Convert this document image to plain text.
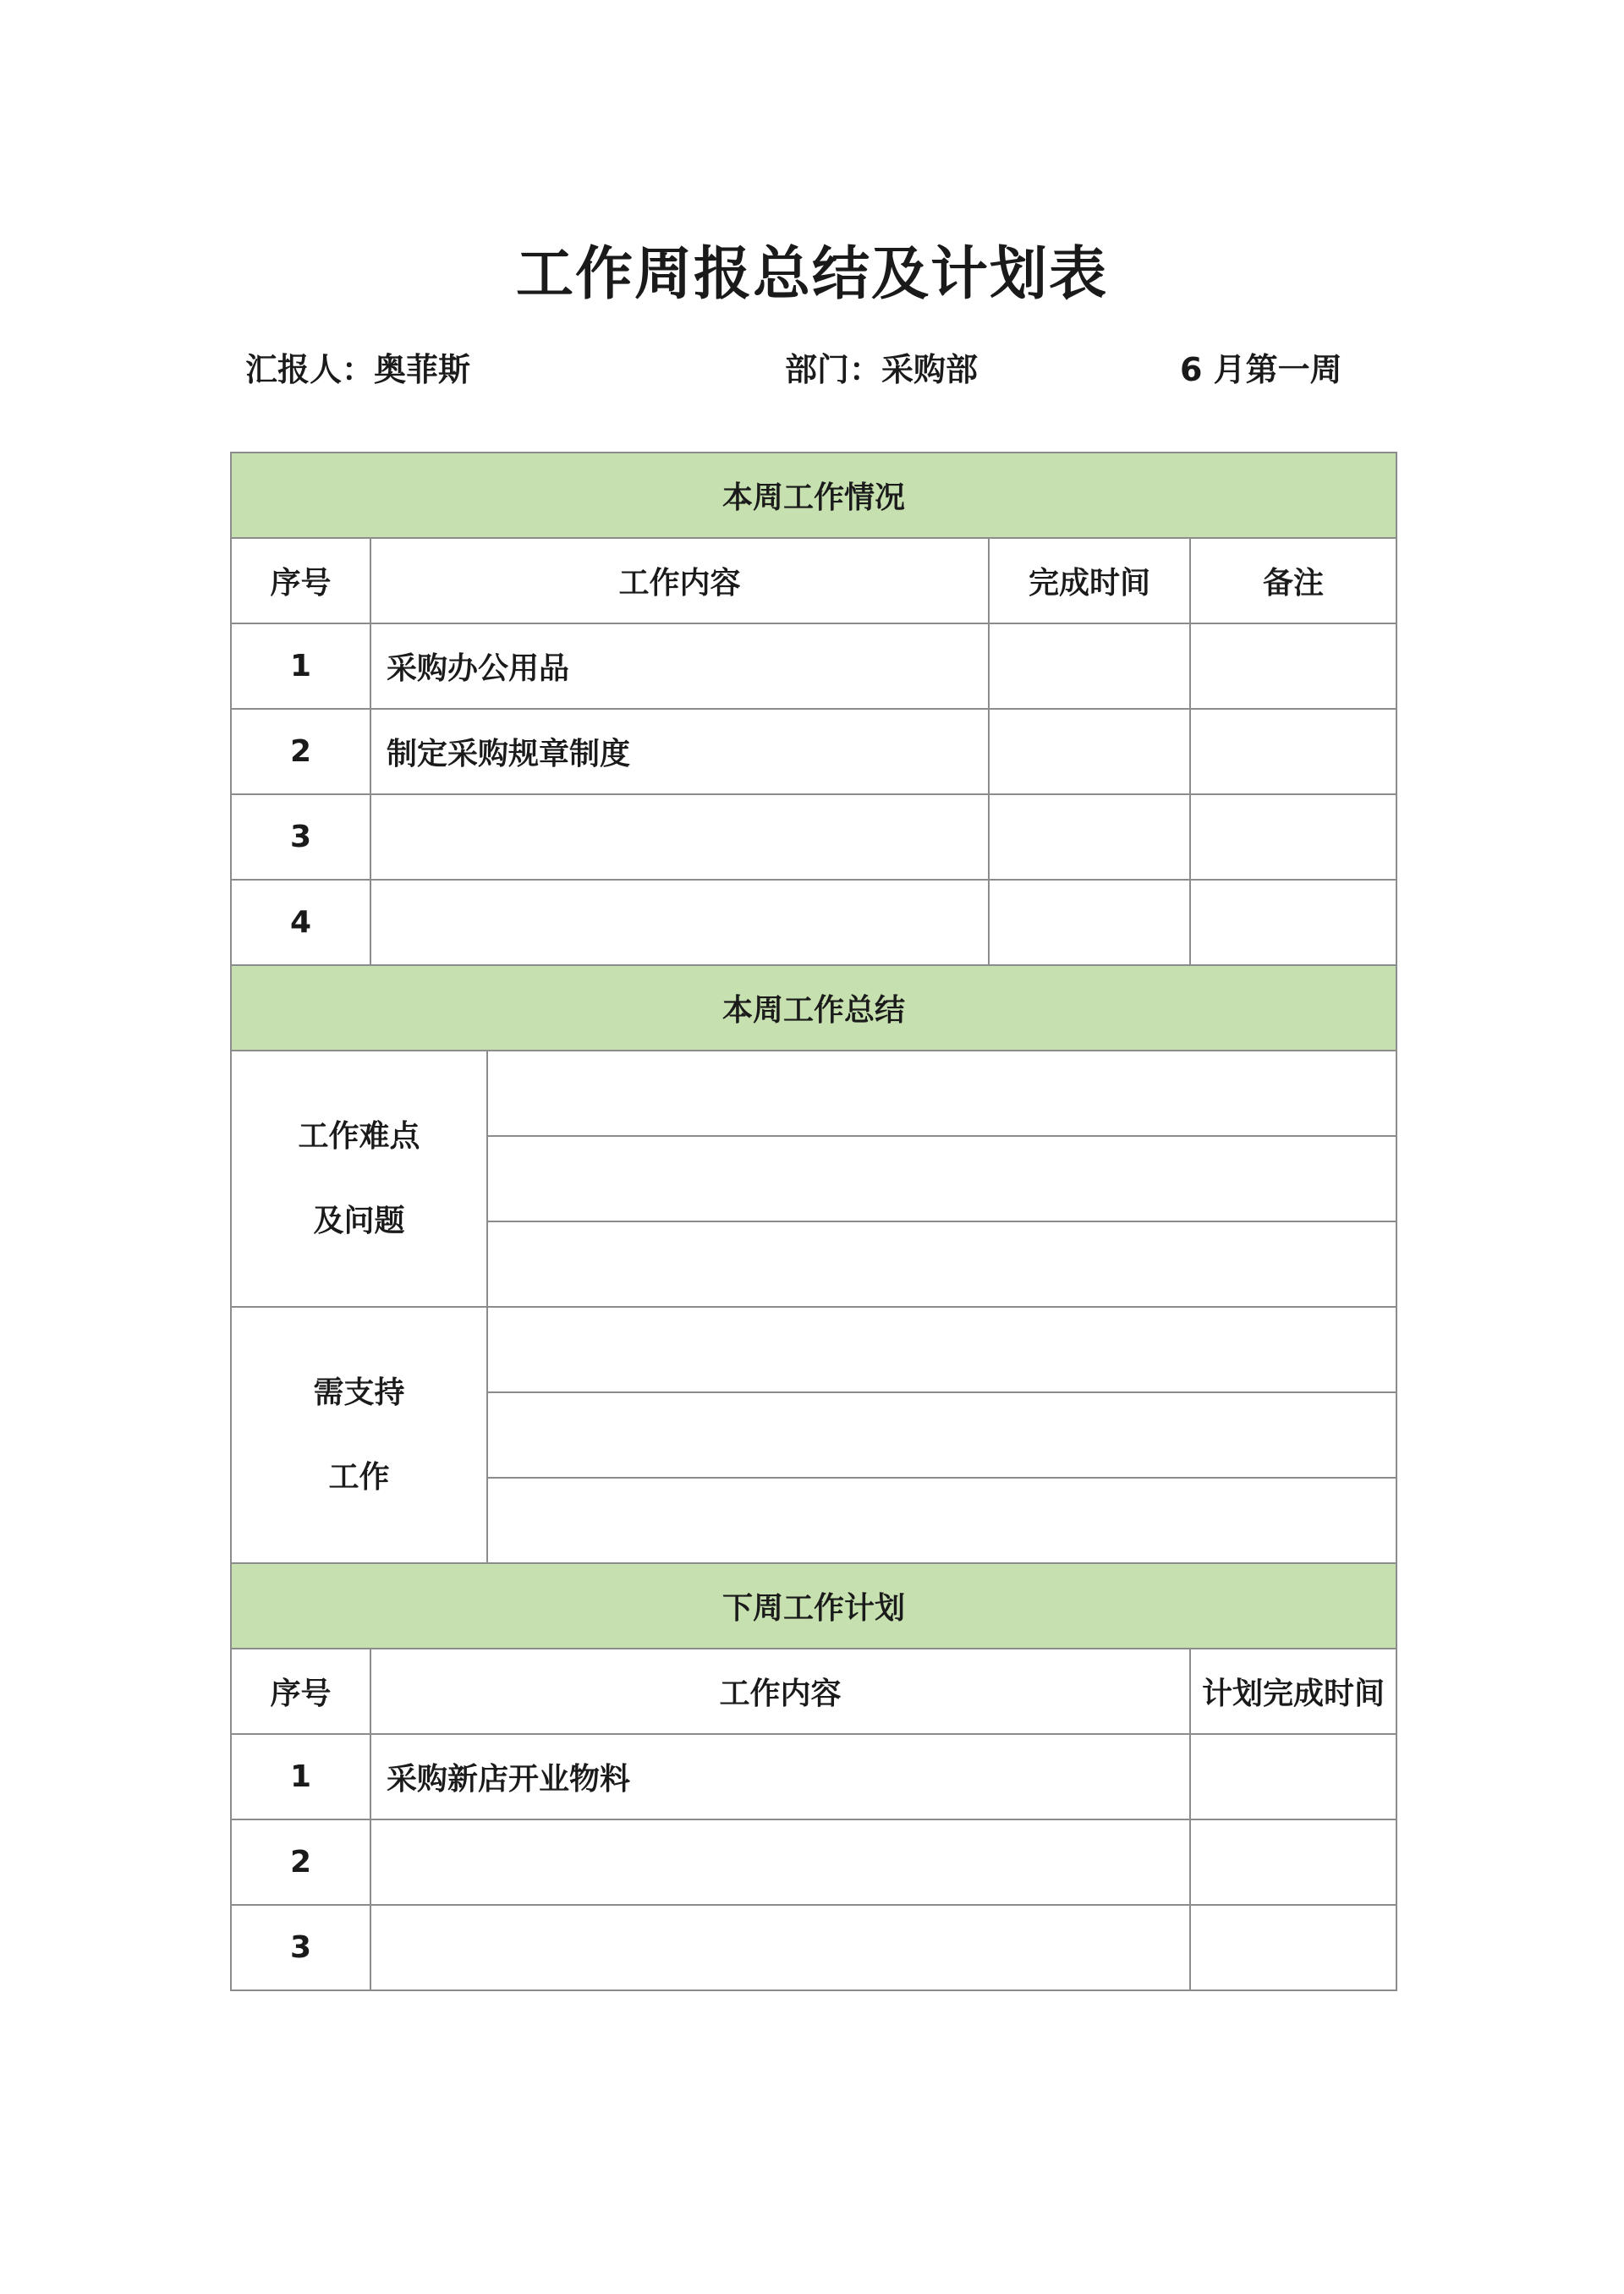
工作周报总结及计划表
汇报人：奥菲斯	部门：采购部	6 月第一周
本周工作情况				
序号	工作内容		完成时间	备注
1	采购办公用品			
2	制定采购规章制度			
3				
4				
本周工作总结				

工作难点
及问题				

需支持
工作				

下周工作计划				
序号	工作内容			计划完成时间
1	采购新店开业物料			
2				
3				
